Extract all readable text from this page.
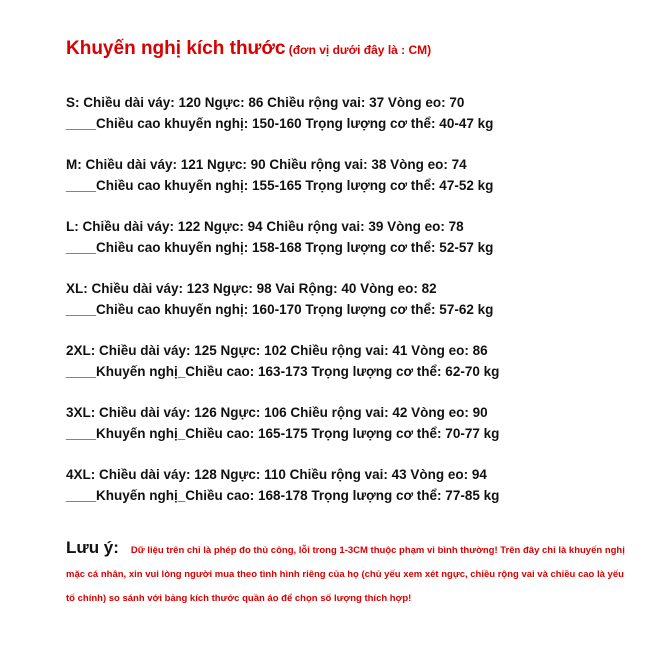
Khuyến nghị kích thước (đơn vị dưới đây là : CM)
S: Chiều dài váy: 120 Ngực: 86 Chiều rộng vai: 37 Vòng eo: 70
____Chiều cao khuyến nghị: 150-160 Trọng lượng cơ thể: 40-47 kg
M: Chiều dài váy: 121 Ngực: 90 Chiều rộng vai: 38 Vòng eo: 74
____Chiều cao khuyến nghị: 155-165 Trọng lượng cơ thể: 47-52 kg
L: Chiều dài váy: 122 Ngực: 94 Chiều rộng vai: 39 Vòng eo: 78
____Chiều cao khuyến nghị: 158-168 Trọng lượng cơ thể: 52-57 kg
XL: Chiều dài váy: 123 Ngực: 98 Vai Rộng: 40 Vòng eo: 82
____Chiều cao khuyến nghị: 160-170 Trọng lượng cơ thể: 57-62 kg
2XL: Chiều dài váy: 125 Ngực: 102 Chiều rộng vai: 41 Vòng eo: 86
____Khuyến nghị_Chiều cao: 163-173 Trọng lượng cơ thể: 62-70 kg
3XL: Chiều dài váy: 126 Ngực: 106 Chiều rộng vai: 42 Vòng eo: 90
____Khuyến nghị_Chiều cao: 165-175 Trọng lượng cơ thể: 70-77 kg
4XL: Chiều dài váy: 128 Ngực: 110 Chiều rộng vai: 43 Vòng eo: 94
____Khuyến nghị_Chiều cao: 168-178 Trọng lượng cơ thể: 77-85 kg
Lưu ý: Dữ liệu trên chỉ là phép đo thủ công, lỗi trong 1-3CM thuộc phạm vi bình thường! Trên đây chỉ là khuyến nghị mặc cá nhân, xin vui lòng người mua theo tình hình riêng của họ (chủ yếu xem xét ngực, chiều rộng vai và chiều cao là yếu tố chính) so sánh với bảng kích thước quần áo để chọn số lượng thích hợp!
